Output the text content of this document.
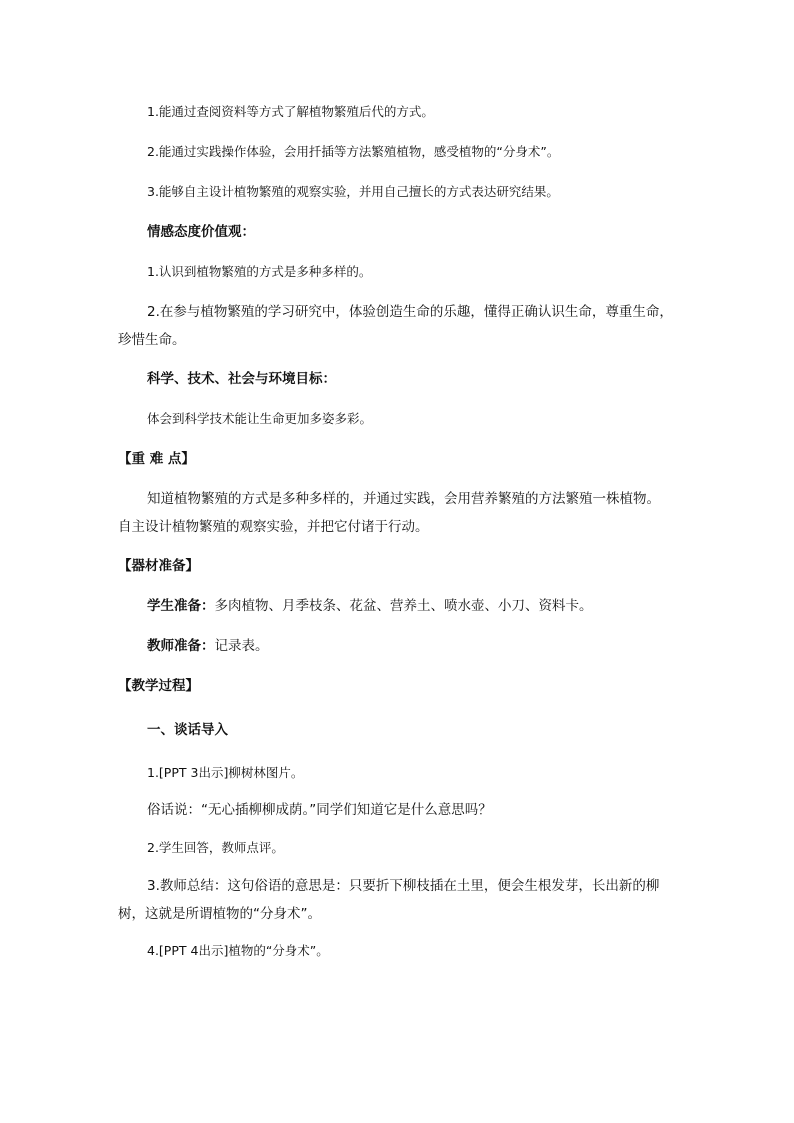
1.能通过查阅资料等方式了解植物繁殖后代的方式。
2.能通过实践操作体验，会用扦插等方法繁殖植物，感受植物的“分身术”。
3.能够自主设计植物繁殖的观察实验，并用自己擅长的方式表达研究结果。
情感态度价值观：
1.认识到植物繁殖的方式是多种多样的。
2.在参与植物繁殖的学习研究中，体验创造生命的乐趣，懂得正确认识生命，尊重生命，
珍惜生命。
科学、技术、社会与环境目标：
体会到科学技术能让生命更加多姿多彩。
【重 难 点】
知道植物繁殖的方式是多种多样的，并通过实践，会用营养繁殖的方法繁殖一株植物。
自主设计植物繁殖的观察实验，并把它付诸于行动。
【器材准备】
学生准备：多肉植物、月季枝条、花盆、营养土、喷水壶、小刀、资料卡。
教师准备：记录表。
【教学过程】
一、谈话导入
1.[PPT 3出示]柳树林图片。
俗话说：“无心插柳柳成荫。”同学们知道它是什么意思吗？
2.学生回答，教师点评。
3.教师总结：这句俗语的意思是：只要折下柳枝插在土里，便会生根发芽，长出新的柳
树，这就是所谓植物的“分身术”。
4.[PPT 4出示]植物的“分身术”。
